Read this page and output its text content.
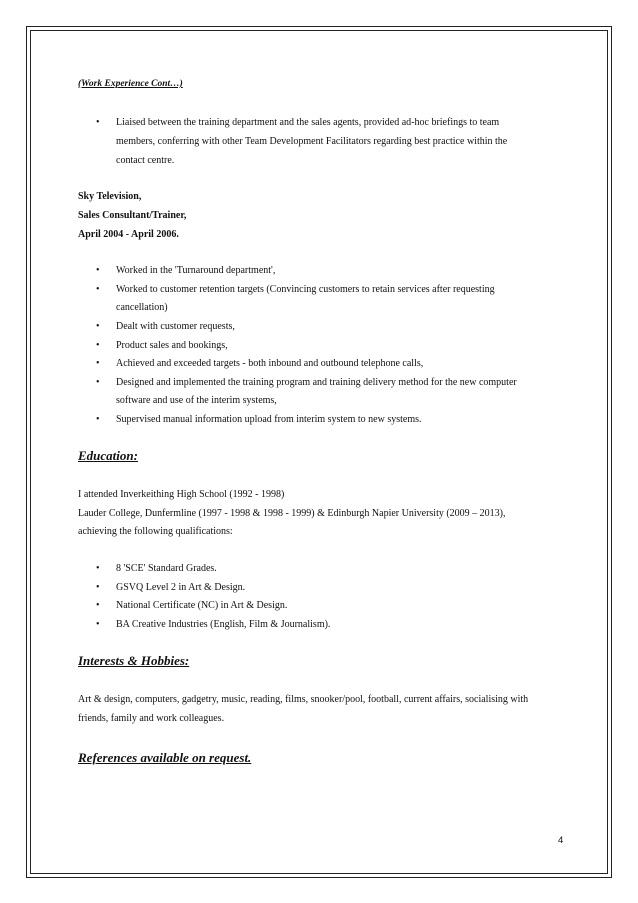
(Work Experience Cont…)
• Liaised between the training department and the sales agents, provided ad-hoc briefings to team
members, conferring with other Team Development Facilitators regarding best practice within the
contact centre.
Sky Television,
Sales Consultant/Trainer,
April 2004 - April 2006.
• Worked in the 'Turnaround department',
• Worked to customer retention targets (Convincing customers to retain services after requesting
cancellation)
• Dealt with customer requests,
• Product sales and bookings,
• Achieved and exceeded targets - both inbound and outbound telephone calls,
• Designed and implemented the training program and training delivery method for the new computer
software and use of the interim systems,
• Supervised manual information upload from interim system to new systems.
Education:
I attended Inverkeithing High School (1992 - 1998)
Lauder College, Dunfermline (1997 - 1998 & 1998 - 1999) & Edinburgh Napier University (2009 – 2013),
achieving the following qualifications:
• 8 'SCE' Standard Grades.
• GSVQ Level 2 in Art & Design.
• National Certificate (NC) in Art & Design.
• BA Creative Industries (English, Film & Journalism).
Interests & Hobbies:
Art & design, computers, gadgetry, music, reading, films, snooker/pool, football, current affairs, socialising with
friends, family and work colleagues.
References available on request.
4
